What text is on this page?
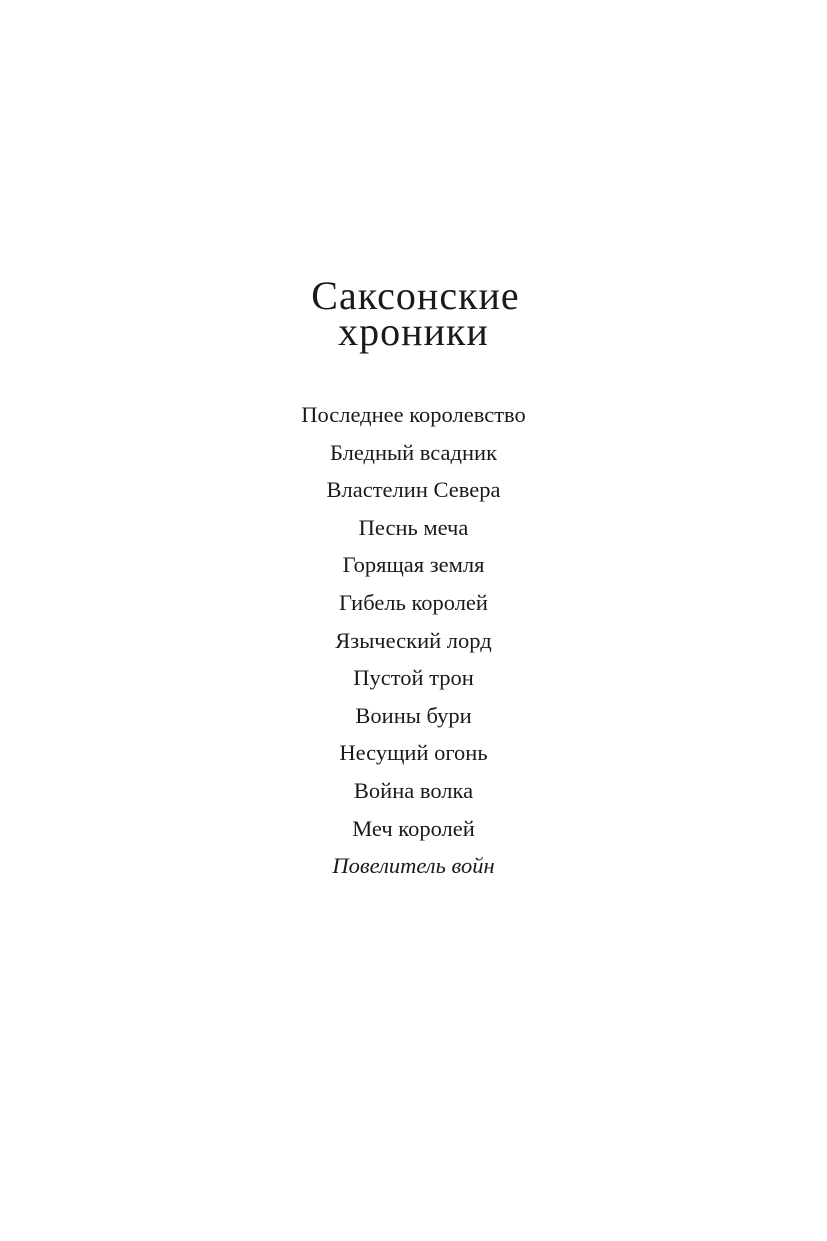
Саксонские
хроники
Последнее королевство
Бледный всадник
Властелин Севера
Песнь меча
Горящая земля
Гибель королей
Языческий лорд
Пустой трон
Воины бури
Несущий огонь
Война волка
Меч королей
Повелитель войн
